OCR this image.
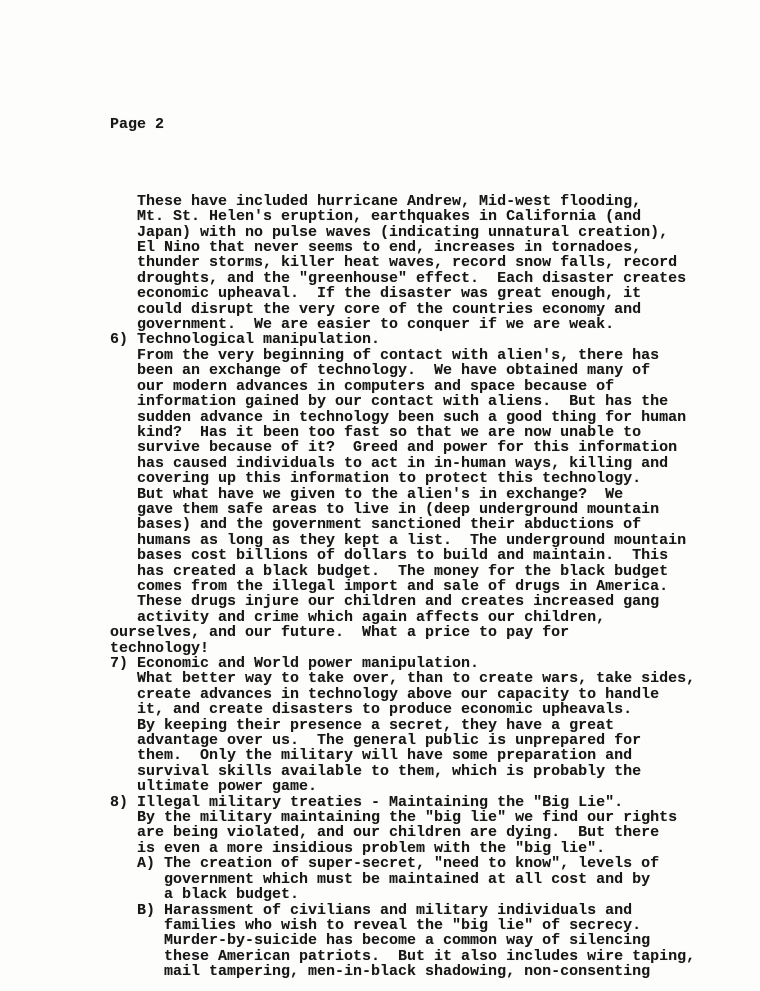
Page 2

These have included hurricane Andrew, Mid-west flooding,
Mt. St. Helen's eruption, earthquakes in California (and
Japan) with no pulse waves (indicating unnatural creation),
El Nino that never seems to end, increases in tornadoes,
thunder storms, killer heat waves, record snow falls, record
droughts, and the "greenhouse" effect.  Each disaster creates
economic upheaval.  If the disaster was great enough, it
could disrupt the very core of the countries economy and
government.  We are easier to conquer if we are weak.
6) Technological manipulation.
From the very beginning of contact with alien's, there has
been an exchange of technology.  We have obtained many of
our modern advances in computers and space because of
information gained by our contact with aliens.  But has the
sudden advance in technology been such a good thing for human
kind?  Has it been too fast so that we are now unable to
survive because of it?  Greed and power for this information
has caused individuals to act in in-human ways, killing and
covering up this information to protect this technology.
But what have we given to the alien's in exchange?  We
gave them safe areas to live in (deep underground mountain
bases) and the government sanctioned their abductions of
humans as long as they kept a list.  The underground mountain
bases cost billions of dollars to build and maintain.  This
has created a black budget.  The money for the black budget
comes from the illegal import and sale of drugs in America.
These drugs injure our children and creates increased gang
activity and crime which again affects our children,
ourselves, and our future.  What a price to pay for
technology!
7) Economic and World power manipulation.
What better way to take over, than to create wars, take sides,
create advances in technology above our capacity to handle
it, and create disasters to produce economic upheavals.
By keeping their presence a secret, they have a great
advantage over us.  The general public is unprepared for
them.  Only the military will have some preparation and
survival skills available to them, which is probably the
ultimate power game.
8) Illegal military treaties - Maintaining the "Big Lie".
By the military maintaining the "big lie" we find our rights
are being violated, and our children are dying.  But there
is even a more insidious problem with the "big lie".
A) The creation of super-secret, "need to know", levels of
government which must be maintained at all cost and by
a black budget.
B) Harassment of civilians and military individuals and
families who wish to reveal the "big lie" of secrecy.
Murder-by-suicide has become a common way of silencing
these American patriots.  But it also includes wire taping,
mail tampering, men-in-black shadowing, non-consenting
